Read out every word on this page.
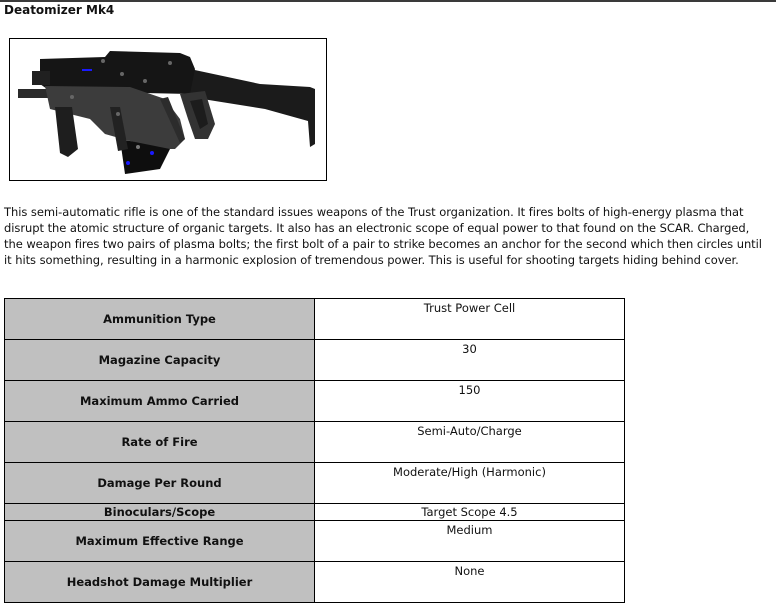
Deatomizer Mk4

This semi-automatic rifle is one of the standard issues weapons of the Trust organization. It fires bolts of high-energy plasma that disrupt the atomic structure of organic targets. It also has an electronic scope of equal power to that found on the SCAR. Charged, the weapon fires two pairs of plasma bolts; the first bolt of a pair to strike becomes an anchor for the second which then circles until it hits something, resulting in a harmonic explosion of tremendous power. This is useful for shooting targets hiding behind cover.

Ammunition Type	Trust Power Cell
Magazine Capacity	30
Maximum Ammo Carried	150
Rate of Fire	Semi-Auto/Charge
Damage Per Round	Moderate/High (Harmonic)
Binoculars/Scope	Target Scope 4.5
Maximum Effective Range	Medium
Headshot Damage Multiplier	None
